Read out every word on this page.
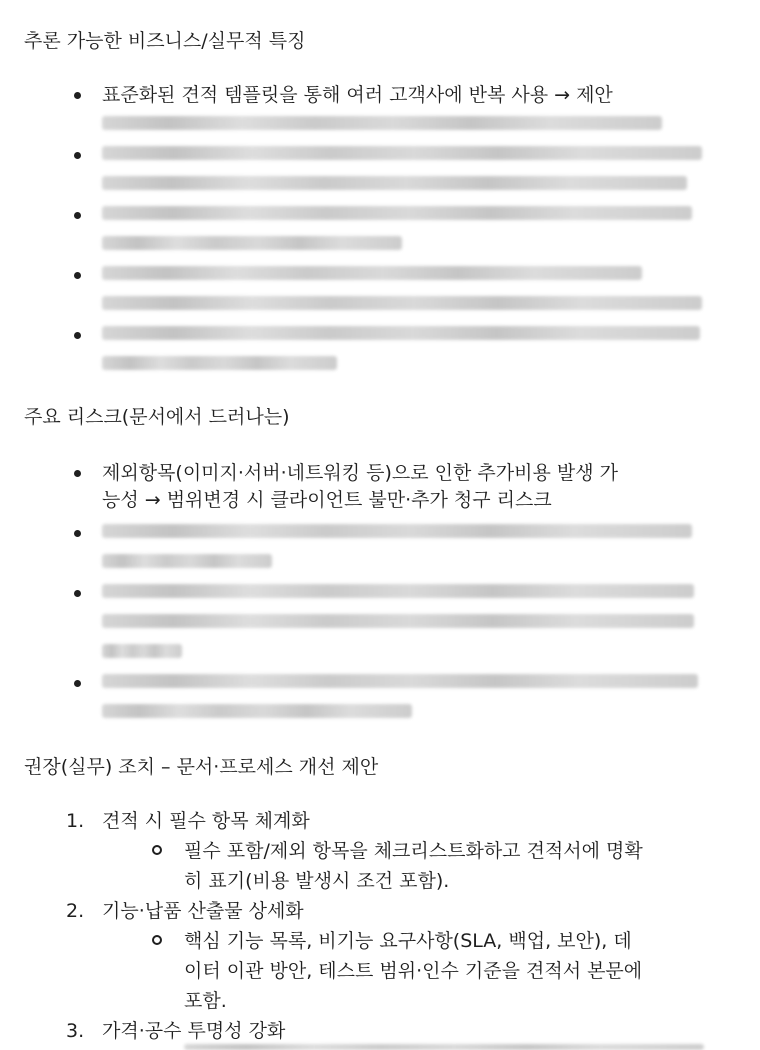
추론 가능한 비즈니스/실무적 특징
표준화된 견적 템플릿을 통해 여러 고객사에 반복 사용 → 제안
주요 리스크(문서에서 드러나는)
제외항목(이미지·서버·네트워킹 등)으로 인한 추가비용 발생 가
능성 → 범위변경 시 클라이언트 불만·추가 청구 리스크
권장(실무) 조치 – 문서·프로세스 개선 제안
1. 견적 시 필수 항목 체계화
필수 포함/제외 항목을 체크리스트화하고 견적서에 명확
히 표기(비용 발생시 조건 포함).
2. 기능·납품 산출물 상세화
핵심 기능 목록, 비기능 요구사항(SLA, 백업, 보안), 데
이터 이관 방안, 테스트 범위·인수 기준을 견적서 본문에
포함.
3. 가격·공수 투명성 강화
